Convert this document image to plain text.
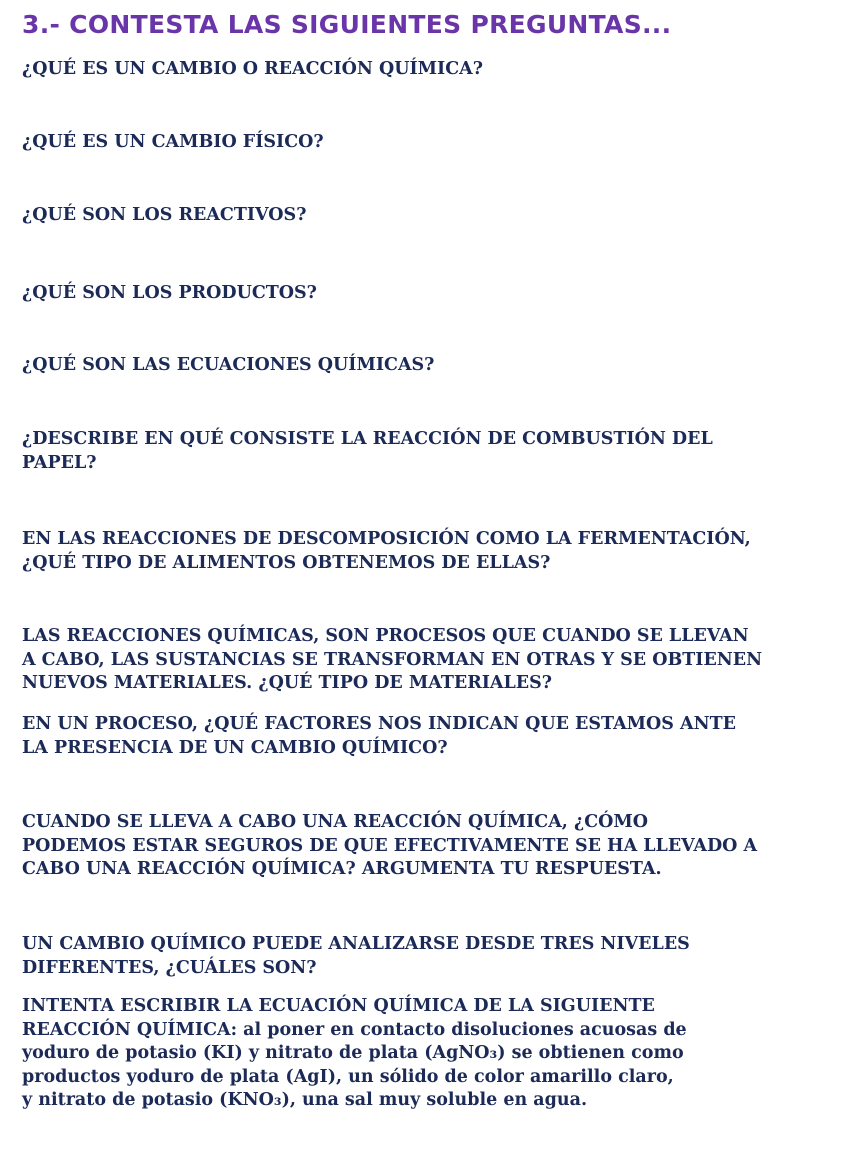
3.- CONTESTA LAS SIGUIENTES PREGUNTAS...

¿QUÉ ES UN CAMBIO O REACCIÓN QUÍMICA?

¿QUÉ ES UN CAMBIO FÍSICO?

¿QUÉ SON LOS REACTIVOS?

¿QUÉ SON LOS PRODUCTOS?

¿QUÉ SON LAS ECUACIONES QUÍMICAS?

¿DESCRIBE EN QUÉ CONSISTE LA REACCIÓN DE COMBUSTIÓN DEL
PAPEL?
EN LAS REACCIONES DE DESCOMPOSICIÓN COMO LA FERMENTACIÓN,
¿QUÉ TIPO DE ALIMENTOS OBTENEMOS DE ELLAS?
LAS REACCIONES QUÍMICAS, SON PROCESOS QUE CUANDO SE LLEVAN
A CABO, LAS SUSTANCIAS SE TRANSFORMAN EN OTRAS Y SE OBTIENEN
NUEVOS MATERIALES. ¿QUÉ TIPO DE MATERIALES?
EN UN PROCESO, ¿QUÉ FACTORES NOS INDICAN QUE ESTAMOS ANTE
LA PRESENCIA DE UN CAMBIO QUÍMICO?
CUANDO SE LLEVA A CABO UNA REACCIÓN QUÍMICA, ¿CÓMO
PODEMOS ESTAR SEGUROS DE QUE EFECTIVAMENTE SE HA LLEVADO A
CABO UNA REACCIÓN QUÍMICA? ARGUMENTA TU RESPUESTA.
UN CAMBIO QUÍMICO PUEDE ANALIZARSE DESDE TRES NIVELES
DIFERENTES, ¿CUÁLES SON?
INTENTA ESCRIBIR LA ECUACIÓN QUÍMICA DE LA SIGUIENTE
REACCIÓN QUÍMICA: al poner en contacto disoluciones acuosas de
yoduro de potasio (KI) y nitrato de plata (AgNO₃) se obtienen como
productos yoduro de plata (AgI), un sólido de color amarillo claro,
y nitrato de potasio (KNO₃), una sal muy soluble en agua.
